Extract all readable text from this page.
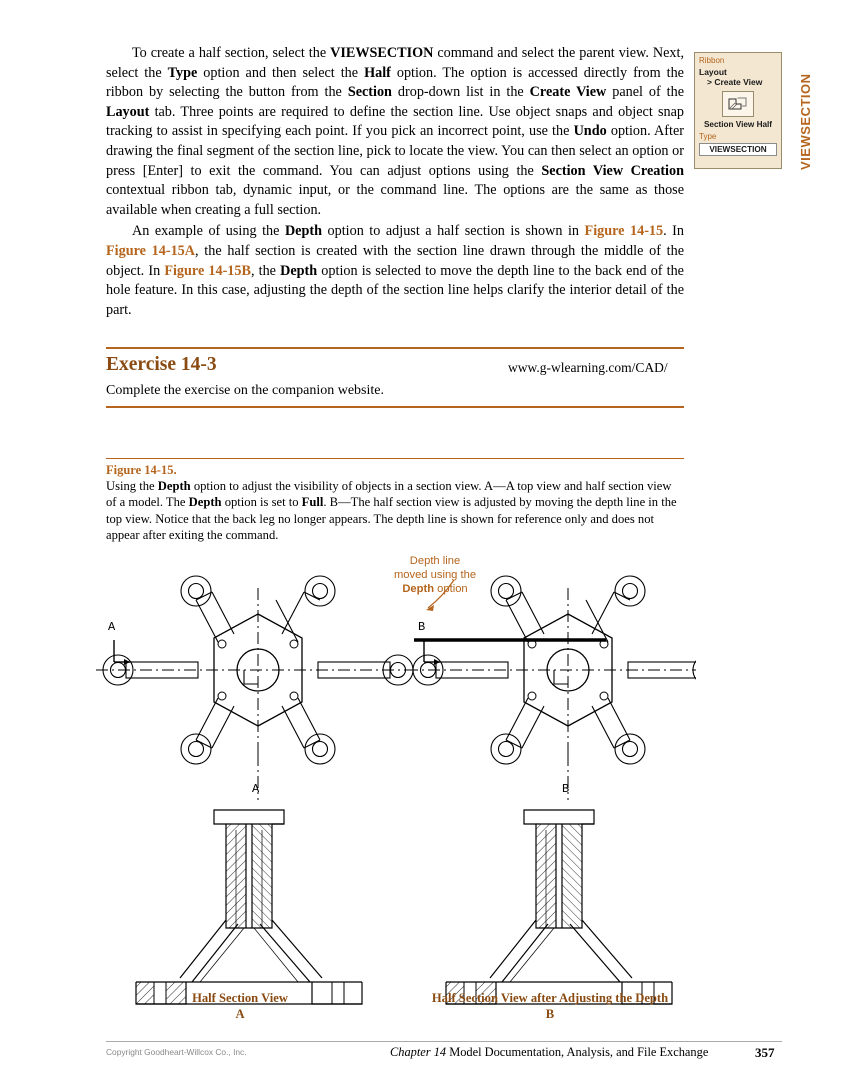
To create a half section, select the VIEWSECTION command and select the parent view. Next, select the Type option and then select the Half option. The option is accessed directly from the ribbon by selecting the button from the Section drop-down list in the Create View panel of the Layout tab. Three points are required to define the section line. Use object snaps and object snap tracking to assist in specifying each point. If you pick an incorrect point, use the Undo option. After drawing the final segment of the section line, pick to locate the view. You can then select an option or press [Enter] to exit the command. You can adjust options using the Section View Creation contextual ribbon tab, dynamic input, or the command line. The options are the same as those available when creating a full section.

An example of using the Depth option to adjust a half section is shown in Figure 14-15. In Figure 14-15A, the half section is created with the section line drawn through the middle of the object. In Figure 14-15B, the Depth option is selected to move the depth line to the back end of the hole feature. In this case, adjusting the depth of the section line helps clarify the interior detail of the part.

Ribbon
Layout
> Create View
Section View Half
Type
VIEWSECTION	VIEWSECTION
Exercise 14-3	www.g-wlearning.com/CAD/
Complete the exercise on the companion website.
Figure 14-15.
Using the Depth option to adjust the visibility of objects in a section view. A—A top view and half section view of a model. The Depth option is set to Full. B—The half section view is adjusted by moving the depth line in the top view. Notice that the back leg no longer appears. The depth line is shown for reference only and does not appear after exiting the command.
Depth line
moved using the
Depth option
A
A
B
B
Half Section View
A
Half Section View after Adjusting the Depth
B
Copyright Goodheart-Willcox Co., Inc.	Chapter 14 Model Documentation, Analysis, and File Exchange	357
